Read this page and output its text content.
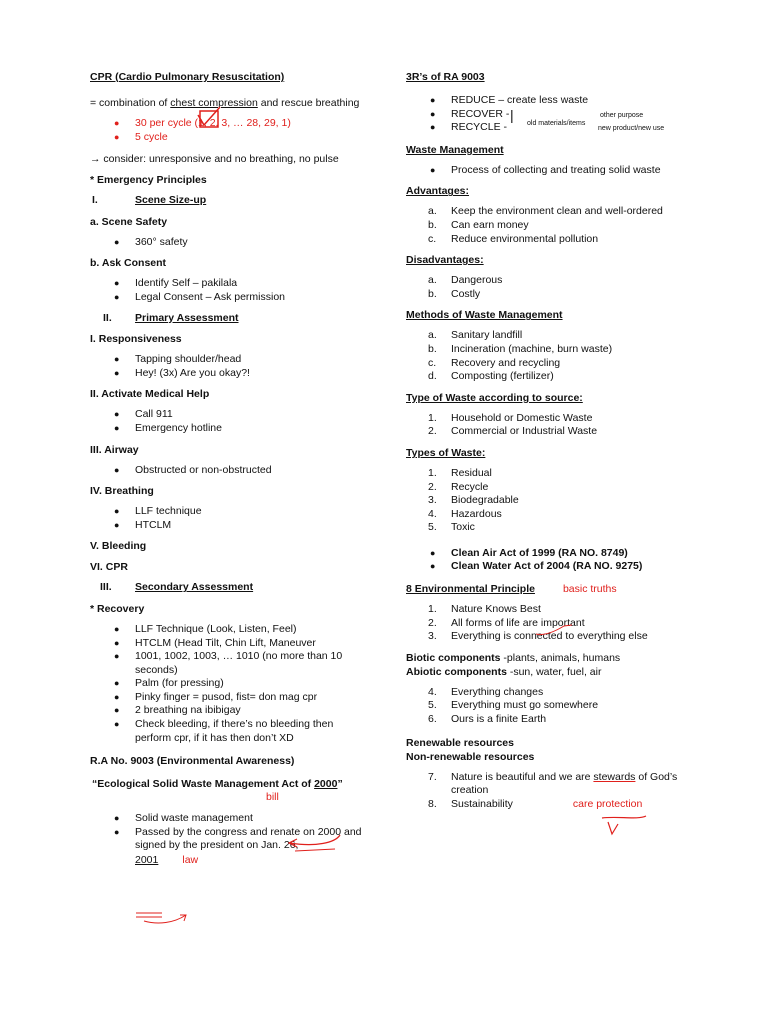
CPR (Cardio Pulmonary Resuscitation)

= combination of chest compression and rescue breathing

● 30 per cycle (1, 2, 3, … 28, 29, 1)
● 5 cycle

→ consider: unresponsive and no breathing, no pulse

* Emergency Principles

I.	Scene Size-up

a. Scene Safety

● 360° safety

b. Ask Consent

● Identify Self – pakilala
● Legal Consent – Ask permission
II. Primary Assessment

I. Responsiveness

● Tapping shoulder/head
● Hey! (3x) Are you okay?!

II. Activate Medical Help

● Call 911
● Emergency hotline

III. Airway

● Obstructed or non-obstructed

IV. Breathing

● LLF technique
● HTCLM

V. Bleeding

VI. CPR

III. Secondary Assessment

* Recovery

● LLF Technique (Look, Listen, Feel)
● HTCLM (Head Tilt, Chin Lift, Maneuver
● 1001, 1002, 1003, … 1010 (no more than 10 seconds)
● Palm (for pressing)
● Pinky finger = pusod, fist= don mag cpr
● 2 breathing na ibibigay
● Check bleeding, if there’s no bleeding then perform cpr, if it has then don’t XD

R.A No. 9003 (Environmental Awareness)

“Ecological Solid Waste Management Act of 2000”

bill

● Solid waste management
● Passed by the congress and renate on 2000 and signed by the president on Jan. 26,

2001 law

3R’s of RA 9003

● REDUCE – create less waste
● RECOVER -
● RECYCLE -

Waste Management

● Process of collecting and treating solid waste

Advantages:

a. Keep the environment clean and well-ordered
b. Can earn money
c. Reduce environmental pollution

Disadvantages:

a. Dangerous
b. Costly

Methods of Waste Management

a. Sanitary landfill
b. Incineration (machine, burn waste)
c. Recovery and recycling
d. Composting (fertilizer)

Type of Waste according to source:

1. Household or Domestic Waste
2. Commercial or Industrial Waste

Types of Waste:

1. Residual
2. Recycle
3. Biodegradable
4. Hazardous
5. Toxic
● Clean Air Act of 1999 (RA NO. 8749)
● Clean Water Act of 2004 (RA NO. 9275)

8 Environmental Principle	basic truths

1. Nature Knows Best
2. All forms of life are important
3. Everything is connected to everything else

Biotic components -plants, animals, humans

Abiotic components -sun, water, fuel, air

4. Everything changes
5. Everything must go somewhere
6. Ours is a finite Earth

Renewable resources

Non-renewable resources

7. Nature is beautiful and we are stewards of God’s creation
8. Sustainability	care protection
old materials/items
other purpose
new product/new use
|
